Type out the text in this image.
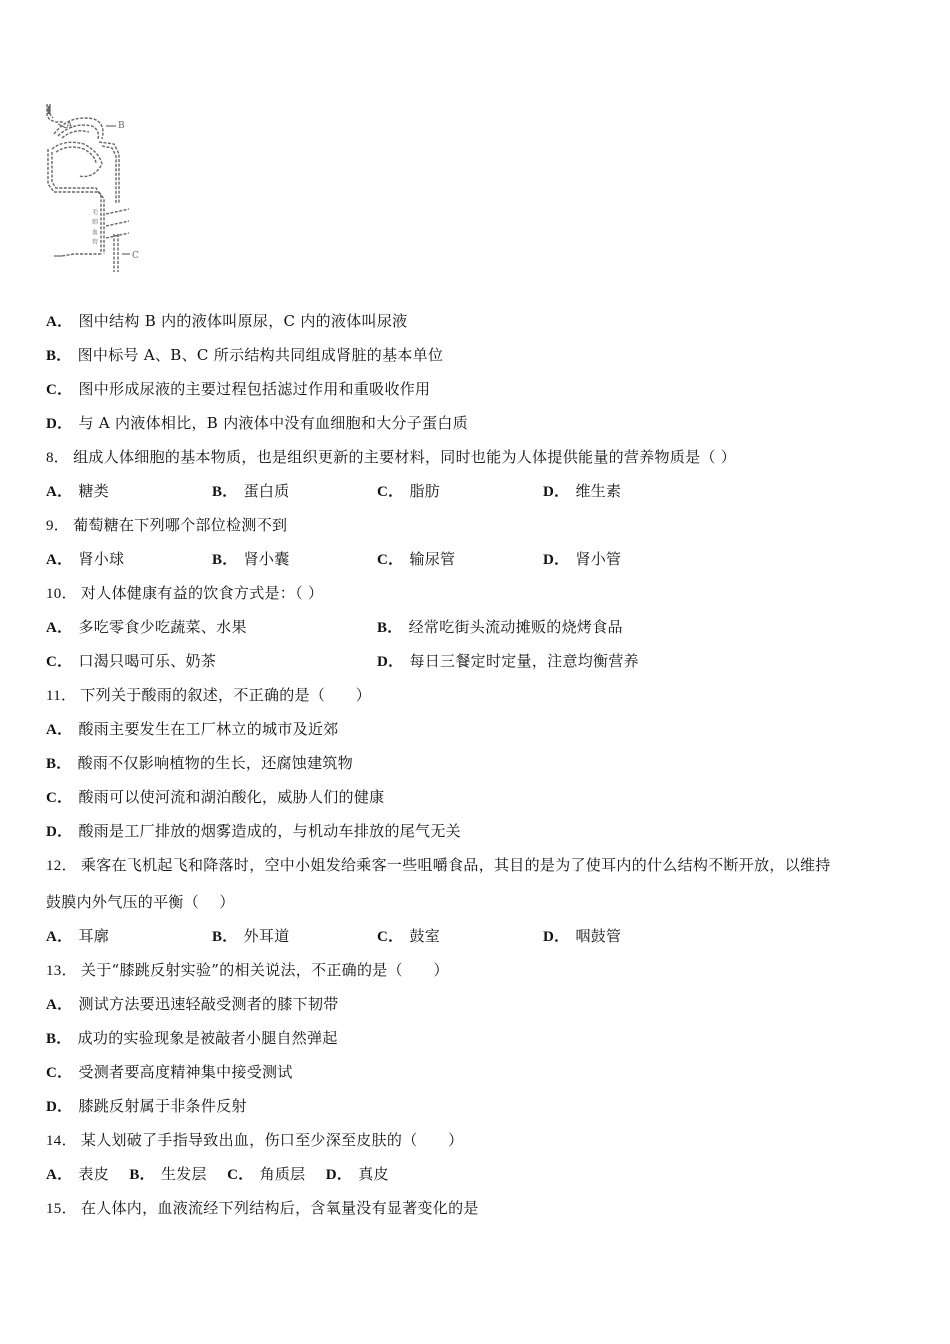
A	B
C
毛
细
血
管
A． 图中结构 B 内的液体叫原尿，C 内的液体叫尿液
B． 图中标号 A、B、C 所示结构共同组成肾脏的基本单位
C． 图中形成尿液的主要过程包括滤过作用和重吸收作用
D． 与 A 内液体相比，B 内液体中没有血细胞和大分子蛋白质
8． 组成人体细胞的基本物质，也是组织更新的主要材料，同时也能为人体提供能量的营养物质是（ ）
A． 糖类	B． 蛋白质	C． 脂肪	D． 维生素
9． 葡萄糖在下列哪个部位检测不到
A． 肾小球	B． 肾小囊	C． 输尿管	D． 肾小管
10． 对人体健康有益的饮食方式是：（ ）
A． 多吃零食少吃蔬菜、水果	B． 经常吃街头流动摊贩的烧烤食品
C． 口渴只喝可乐、奶茶	D． 每日三餐定时定量，注意均衡营养
11． 下列关于酸雨的叙述，不正确的是（　　）
A． 酸雨主要发生在工厂林立的城市及近郊
B． 酸雨不仅影响植物的生长，还腐蚀建筑物
C． 酸雨可以使河流和湖泊酸化，威胁人们的健康
D． 酸雨是工厂排放的烟雾造成的，与机动车排放的尾气无关
12． 乘客在飞机起飞和降落时，空中小姐发给乘客一些咀嚼食品，其目的是为了使耳内的什么结构不断开放，以维持
鼓膜内外气压的平衡（　 ）
A． 耳廓	B． 外耳道	C． 鼓室	D． 咽鼓管
13． 关于“膝跳反射实验”的相关说法，不正确的是（　　）
A． 测试方法要迅速轻敲受测者的膝下韧带
B． 成功的实验现象是被敲者小腿自然弹起
C． 受测者要高度精神集中接受测试
D． 膝跳反射属于非条件反射
14． 某人划破了手指导致出血，伤口至少深至皮肤的（　　）
A． 表皮 B． 生发层 C． 角质层 D． 真皮
15． 在人体内，血液流经下列结构后，含氧量没有显著变化的是
